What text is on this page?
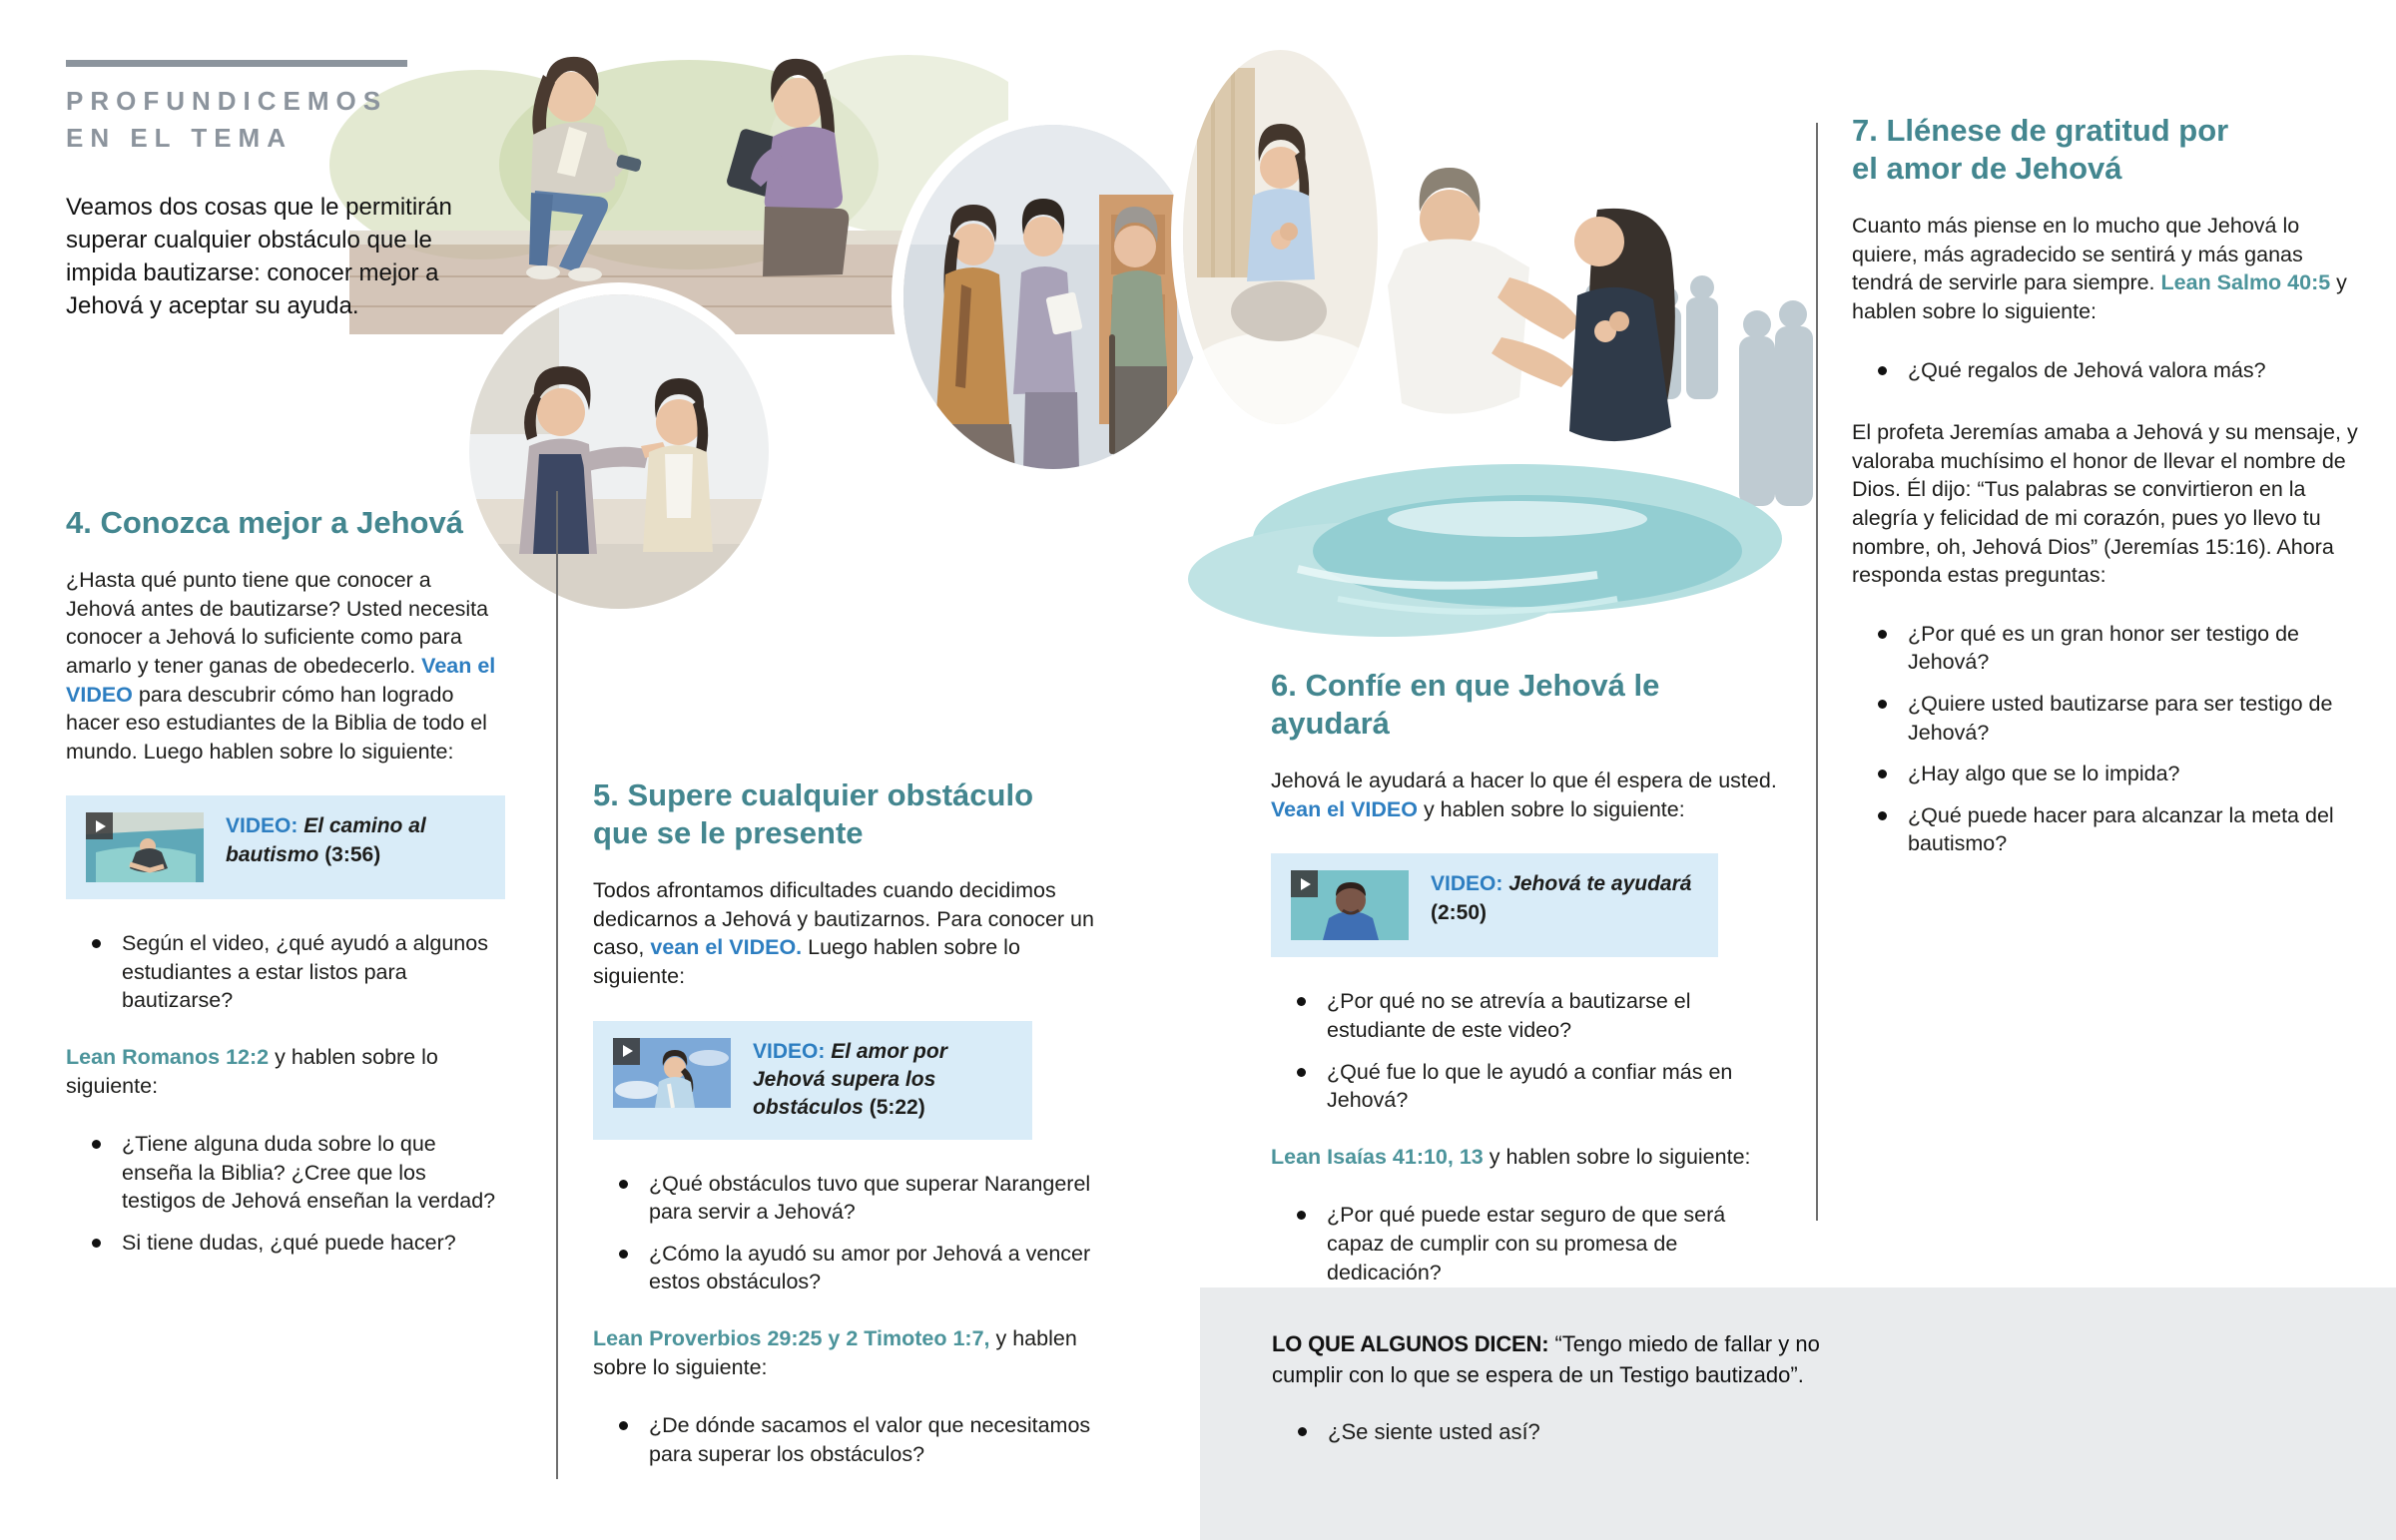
PROFUNDICEMOS
EN EL TEMA

Veamos dos cosas que le permitirán superar cualquier obstáculo que le impida bautizarse: conocer mejor a Jehová y aceptar su ayuda.

4. Conozca mejor a Jehová

¿Hasta qué punto tiene que conocer a Jehová antes de bautizarse? Usted necesita conocer a Jehová lo suficiente como para amarlo y tener ganas de obedecerlo. Vean el VIDEO para descubrir cómo han logrado hacer eso estudiantes de la Biblia de todo el mundo. Luego hablen sobre lo siguiente:

VIDEO: El camino al bautismo (3:56)

Según el video, ¿qué ayudó a algunos estudiantes a estar listos para bautizarse?

Lean Romanos 12:2 y hablen sobre lo siguiente:

¿Tiene alguna duda sobre lo que enseña la Biblia? ¿Cree que los testigos de Jehová enseñan la verdad?
Si tiene dudas, ¿qué puede hacer?
5. Supere cualquier obstáculo que se le presente

Todos afrontamos dificultades cuando decidimos dedicarnos a Jehová y bautizarnos. Para conocer un caso, vean el VIDEO. Luego hablen sobre lo siguiente:

VIDEO: El amor por Jehová supera los obstáculos (5:22)

¿Qué obstáculos tuvo que superar Narangerel para servir a Jehová?
¿Cómo la ayudó su amor por Jehová a vencer estos obstáculos?

Lean Proverbios 29:25 y 2 Timoteo 1:7, y hablen sobre lo siguiente:

¿De dónde sacamos el valor que necesitamos para superar los obstáculos?
6. Confíe en que Jehová le ayudará

Jehová le ayudará a hacer lo que él espera de usted. Vean el VIDEO y hablen sobre lo siguiente:

VIDEO: Jehová te ayudará (2:50)

¿Por qué no se atrevía a bautizarse el estudiante de este video?
¿Qué fue lo que le ayudó a confiar más en Jehová?

Lean Isaías 41:10, 13 y hablen sobre lo siguiente:

¿Por qué puede estar seguro de que será capaz de cumplir con su promesa de dedicación?
7. Llénese de gratitud por el amor de Jehová

Cuanto más piense en lo mucho que Jehová lo quiere, más agradecido se sentirá y más ganas tendrá de servirle para siempre. Lean Salmo 40:5 y hablen sobre lo siguiente:

¿Qué regalos de Jehová valora más?

El profeta Jeremías amaba a Jehová y su mensaje, y valoraba muchísimo el honor de llevar el nombre de Dios. Él dijo: “Tus palabras se convirtieron en la alegría y felicidad de mi corazón, pues yo llevo tu nombre, oh, Jehová Dios” (Jeremías 15:16). Ahora responda estas preguntas:

¿Por qué es un gran honor ser testigo de Jehová?
¿Quiere usted bautizarse para ser testigo de Jehová?
¿Hay algo que se lo impida?
¿Qué puede hacer para alcanzar la meta del bautismo?

LO QUE ALGUNOS DICEN: “Tengo miedo de fallar y no cumplir con lo que se espera de un Testigo bautizado”.

¿Se siente usted así?
